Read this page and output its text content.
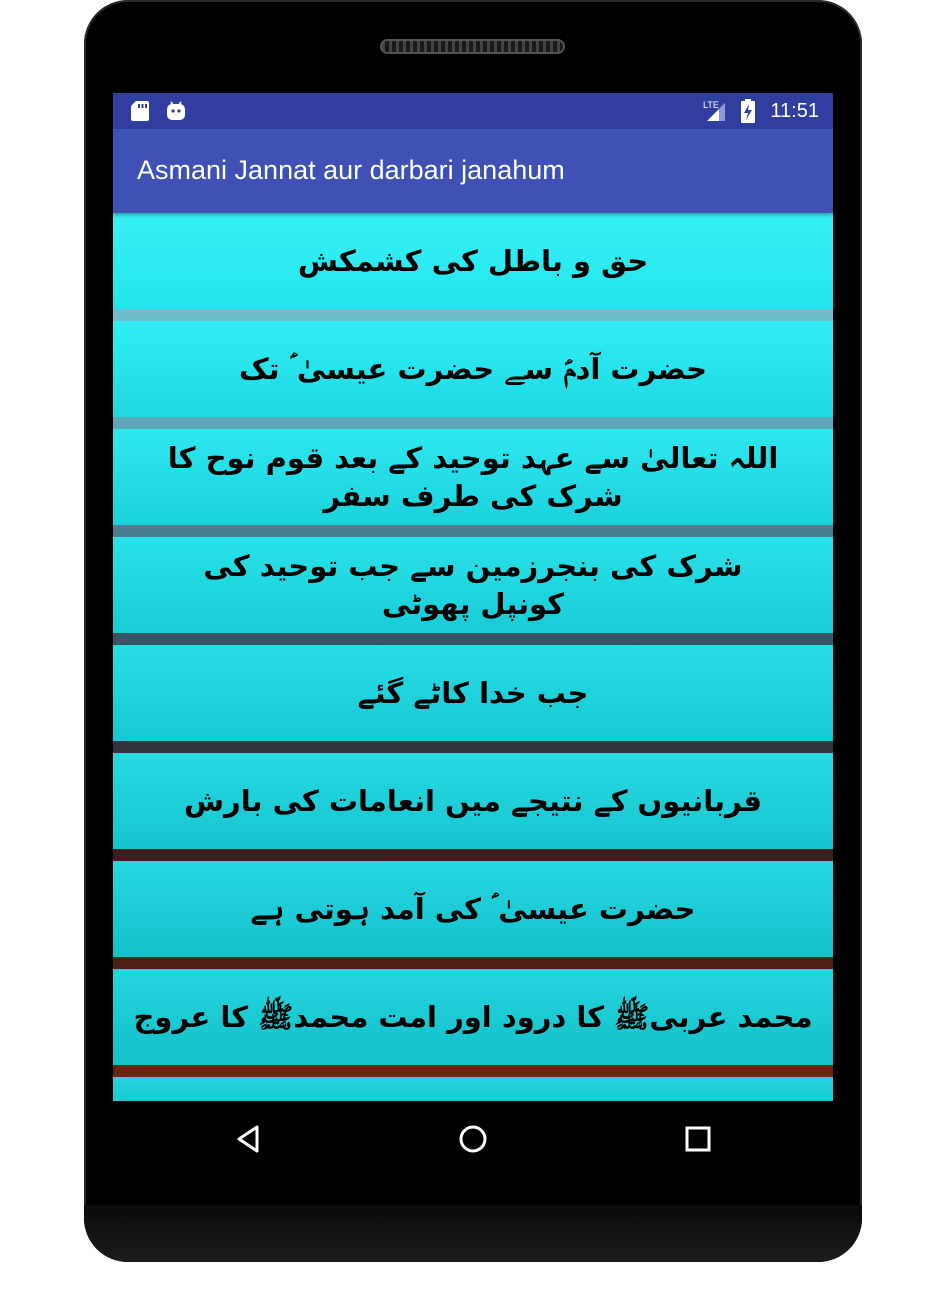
LTE	11:51
Asmani Jannat aur darbari janahum
حق و باطل کی کشمکش
حضرت آدمؑ سے حضرت عیسیٰ ؑ تک
اللہ تعالیٰ سے عہد توحید کے بعد قوم نوح کا شرک کی طرف سفر
شرک کی بنجرزمین سے جب توحید کی کونپل پھوٹی
جب خدا کاٹے گئے
قربانیوں کے نتیجے میں انعامات کی بارش
حضرت عیسیٰ ؑ کی آمد ہوتی ہے
محمد عربیﷺ کا درود اور امت محمدﷺ کا عروج
